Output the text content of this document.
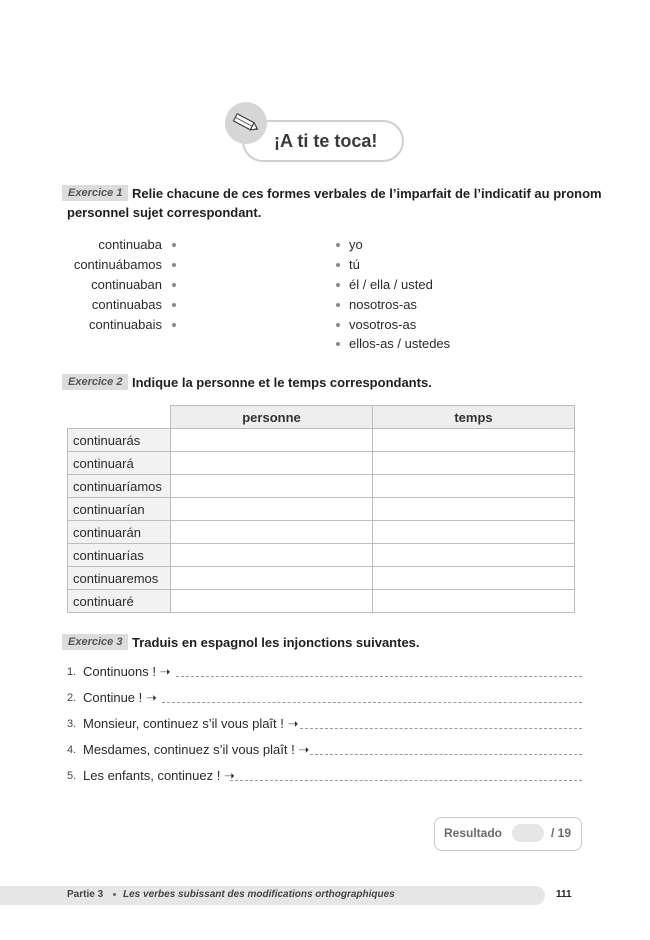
¡A ti te toca!
Exercice 1 Relie chacune de ces formes verbales de l’imparfait de l’indicatif au pronom
personnel sujet correspondant.
continuaba
continuábamos
continuaban
continuabas
continuabais
yo
tú
él / ella / usted
nosotros-as
vosotros-as
ellos-as / ustedes
Exercice 2 Indique la personne et le temps correspondants.
	personne	temps
continuarás		
continuará		
continuaríamos		
continuarían		
continuarán		
continuarías		
continuaremos		
continuaré		
Exercice 3 Traduis en espagnol les injonctions suivantes.
1. Continuons ! ➝
2. Continue ! ➝
3. Monsieur, continuez s’il vous plaît ! ➝
4. Mesdames, continuez s’il vous plaît ! ➝
5. Les enfants, continuez ! ➝
Resultado	/ 19
Partie 3 Les verbes subissant des modifications orthographiques	111
